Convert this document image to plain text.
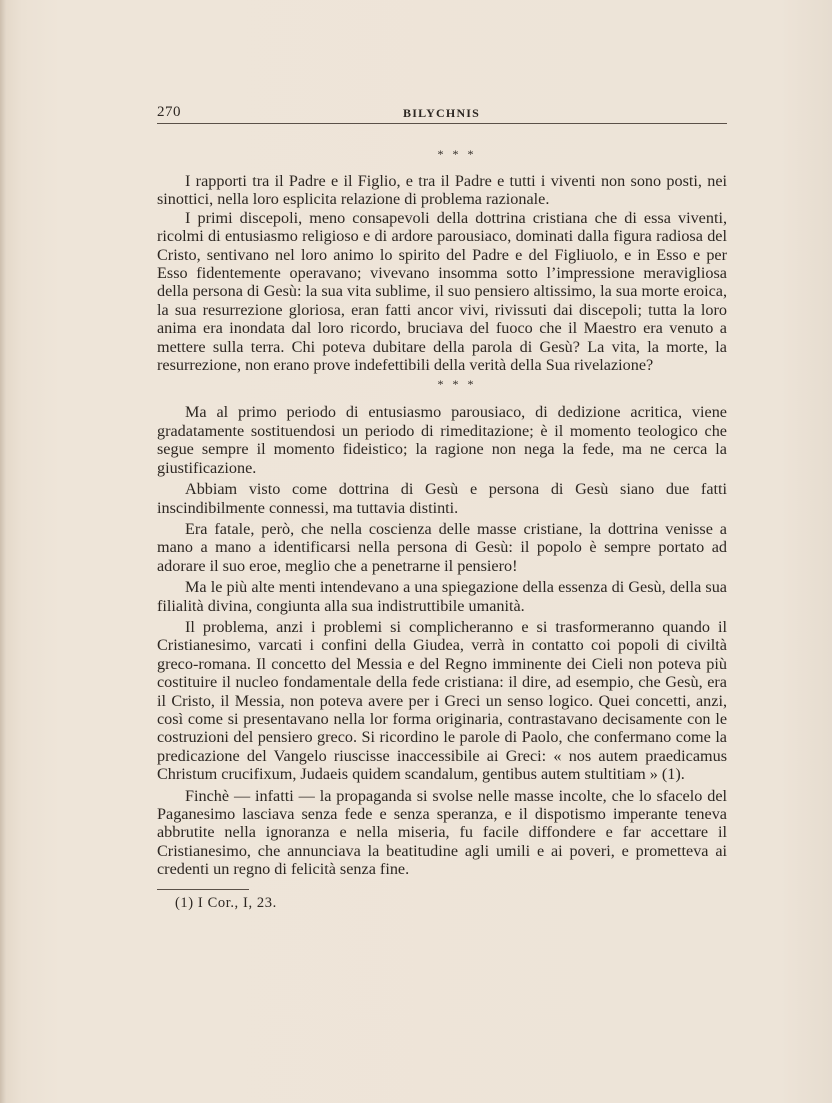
270	BILYCHNIS
* * *

I rapporti tra il Padre e il Figlio, e tra il Padre e tutti i viventi non sono posti, nei sinottici, nella loro esplicita relazione di problema razionale.

I primi discepoli, meno consapevoli della dottrina cristiana che di essa viventi, ricolmi di entusiasmo religioso e di ardore parousiaco, dominati dalla figura radiosa del Cristo, sentivano nel loro animo lo spirito del Padre e del Figliuolo, e in Esso e per Esso fidentemente operavano; vivevano insomma sotto l’impressione meravigliosa della persona di Gesù: la sua vita sublime, il suo pensiero altissimo, la sua morte eroica, la sua resurrezione gloriosa, eran fatti ancor vivi, rivissuti dai discepoli; tutta la loro anima era inondata dal loro ricordo, bruciava del fuoco che il Maestro era venuto a mettere sulla terra. Chi poteva dubitare della parola di Gesù? La vita, la morte, la resurrezione, non erano prove indefettibili della verità della Sua rivelazione?

* * *

Ma al primo periodo di entusiasmo parousiaco, di dedizione acritica, viene gradatamente sostituendosi un periodo di rimeditazione; è il momento teologico che segue sempre il momento fideistico; la ragione non nega la fede, ma ne cerca la giustificazione.

Abbiam visto come dottrina di Gesù e persona di Gesù siano due fatti inscindibilmente connessi, ma tuttavia distinti.

Era fatale, però, che nella coscienza delle masse cristiane, la dottrina venisse a mano a mano a identificarsi nella persona di Gesù: il popolo è sempre portato ad adorare il suo eroe, meglio che a penetrarne il pensiero!

Ma le più alte menti intendevano a una spiegazione della essenza di Gesù, della sua filialità divina, congiunta alla sua indistruttibile umanità.

Il problema, anzi i problemi si complicheranno e si trasformeranno quando il Cristianesimo, varcati i confini della Giudea, verrà in contatto coi popoli di civiltà greco-romana. Il concetto del Messia e del Regno imminente dei Cieli non poteva più costituire il nucleo fondamentale della fede cristiana: il dire, ad esempio, che Gesù, era il Cristo, il Messia, non poteva avere per i Greci un senso logico. Quei concetti, anzi, così come si presentavano nella lor forma originaria, contrastavano decisamente con le costruzioni del pensiero greco. Si ricordino le parole di Paolo, che confermano come la predicazione del Vangelo riuscisse inaccessibile ai Greci: « nos autem praedicamus Christum crucifixum, Judaeis quidem scandalum, gentibus autem stultitiam » (1).

Finchè — infatti — la propaganda si svolse nelle masse incolte, che lo sfacelo del Paganesimo lasciava senza fede e senza speranza, e il dispotismo imperante teneva abbrutite nella ignoranza e nella miseria, fu facile diffondere e far accettare il Cristianesimo, che annunciava la beatitudine agli umili e ai poveri, e prometteva ai credenti un regno di felicità senza fine.

(1) I Cor., I, 23.
